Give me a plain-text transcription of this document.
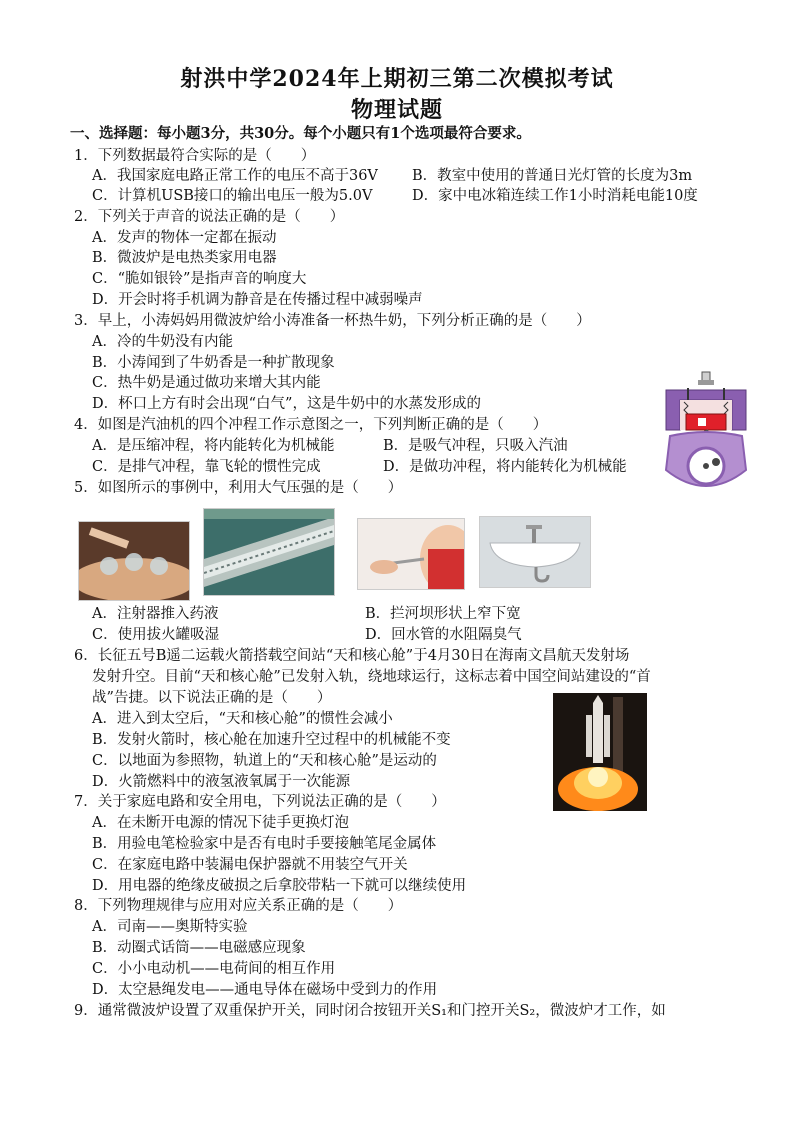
射洪中学2024年上期初三第二次模拟考试
物理试题
一、选择题：每小题3分，共30分。每个小题只有1个选项最符合要求。
1．下列数据最符合实际的是（　　）
A．我国家庭电路正常工作的电压不高于36V B．教室中使用的普通日光灯管的长度为3m
C．计算机USB接口的输出电压一般为5.0V	D．家中电冰箱连续工作1小时消耗电能10度
2．下列关于声音的说法正确的是（　　）
A．发声的物体一定都在振动
B．微波炉是电热类家用电器
C．“脆如银铃”是指声音的响度大
D．开会时将手机调为静音是在传播过程中减弱噪声
3．早上，小涛妈妈用微波炉给小涛准备一杯热牛奶，下列分析正确的是（　　）
A．冷的牛奶没有内能
B．小涛闻到了牛奶香是一种扩散现象
C．热牛奶是通过做功来增大其内能
D．杯口上方有时会出现“白气”，这是牛奶中的水蒸发形成的
4．如图是汽油机的四个冲程工作示意图之一，下列判断正确的是（　　）
A．是压缩冲程，将内能转化为机械能	B．是吸气冲程，只吸入汽油
C．是排气冲程，靠飞轮的惯性完成	D．是做功冲程，将内能转化为机械能
5．如图所示的事例中，利用大气压强的是（　　）
A．注射器推入药液	B．拦河坝形状上窄下宽
C．使用拔火罐吸湿	D．回水管的水阻隔臭气
6．长征五号B遥二运载火箭搭载空间站“天和核心舱”于4月30日在海南文昌航天发射场
发射升空。目前“天和核心舱”已发射入轨，绕地球运行，这标志着中国空间站建设的“首
战”告捷。以下说法正确的是（　　）
A．进入到太空后，“天和核心舱”的惯性会减小
B．发射火箭时，核心舱在加速升空过程中的机械能不变
C．以地面为参照物，轨道上的“天和核心舱”是运动的
D．火箭燃料中的液氢液氧属于一次能源
7．关于家庭电路和安全用电，下列说法正确的是（　　）
A．在未断开电源的情况下徒手更换灯泡
B．用验电笔检验家中是否有电时手要接触笔尾金属体
C．在家庭电路中装漏电保护器就不用装空气开关
D．用电器的绝缘皮破损之后拿胶带粘一下就可以继续使用
8．下列物理规律与应用对应关系正确的是（　　）
A．司南——奥斯特实验
B．动圈式话筒——电磁感应现象
C．小小电动机——电荷间的相互作用
D．太空悬绳发电——通电导体在磁场中受到力的作用
9．通常微波炉设置了双重保护开关，同时闭合按钮开关S₁和门控开关S₂，微波炉才工作，如
